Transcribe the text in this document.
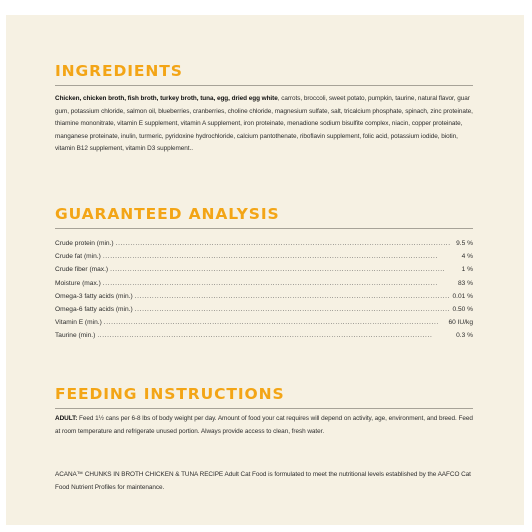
INGREDIENTS
Chicken, chicken broth, fish broth, turkey broth, tuna, egg, dried egg white, carrots, broccoli, sweet potato, pumpkin, taurine, natural flavor, guar gum, potassium chloride, salmon oil, blueberries, cranberries, choline chloride, magnesium sulfate, salt, tricalcium phosphate, spinach, zinc proteinate, thiamine mononitrate, vitamin E supplement, vitamin A supplement, iron proteinate, menadione sodium bisulfite complex, niacin, copper proteinate, manganese proteinate, inulin, turmeric, pyridoxine hydrochloride, calcium pantothenate, riboflavin supplement, folic acid, potassium iodide, biotin, vitamin B12 supplement, vitamin D3 supplement..
GUARANTEED ANALYSIS
Crude protein (min.) . . .	9.5 %
Crude fat (min.) . . .	4 %
Crude fiber (max.) . . .	1 %
Moisture (max.) . . .	83 %
Omega-3 fatty acids (min.) . . .	0.01 %
Omega-6 fatty acids (min.) . . .	0.50 %
Vitamin E (min.) . . .	60 IU/kg
Taurine (min.) . . .	0.3 %
FEEDING INSTRUCTIONS
ADULT: Feed 1½ cans per 6-8 lbs of body weight per day. Amount of food your cat requires will depend on activity, age, environment, and breed. Feed at room temperature and refrigerate unused portion. Always provide access to clean, fresh water.
ACANA™ CHUNKS IN BROTH CHICKEN & TUNA RECIPE Adult Cat Food is formulated to meet the nutritional levels established by the AAFCO Cat Food Nutrient Profiles for maintenance.
